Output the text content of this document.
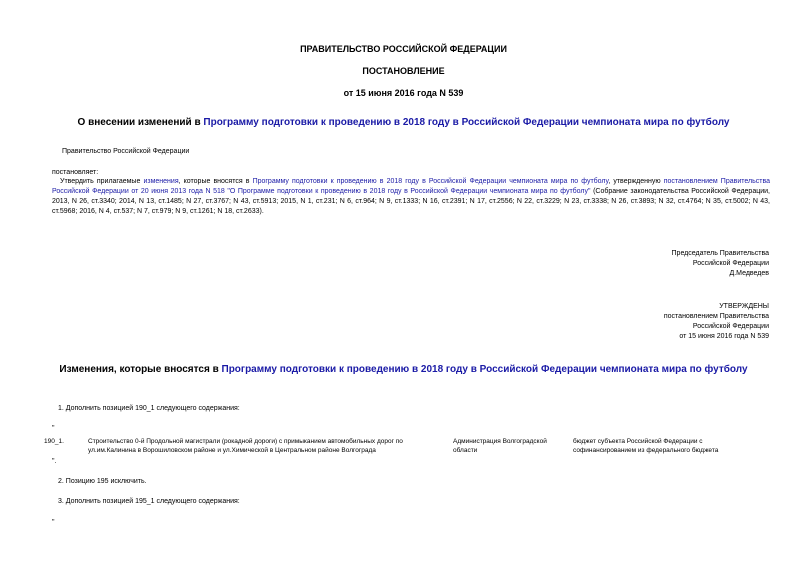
ПРАВИТЕЛЬСТВО РОССИЙСКОЙ ФЕДЕРАЦИИ
ПОСТАНОВЛЕНИЕ
от 15 июня 2016 года N 539
О внесении изменений в Программу подготовки к проведению в 2018 году в Российской Федерации чемпионата мира по футболу
Правительство Российской Федерации
постановляет:
Утвердить прилагаемые изменения, которые вносятся в Программу подготовки к проведению в 2018 году в Российской Федерации чемпионата мира по футболу, утвержденную постановлением Правительства Российской Федерации от 20 июня 2013 года N 518 "О Программе подготовки к проведению в 2018 году в Российской Федерации чемпионата мира по футболу" (Собрание законодательства Российской Федерации, 2013, N 26, ст.3340; 2014, N 13, ст.1485; N 27, ст.3767; N 43, ст.5913; 2015, N 1, ст.231; N 6, ст.964; N 9, ст.1333; N 16, ст.2391; N 17, ст.2556; N 22, ст.3229; N 23, ст.3338; N 26, ст.3893; N 32, ст.4764; N 35, ст.5002; N 43, ст.5968; 2016, N 4, ст.537; N 7, ст.979; N 9, ст.1261; N 18, ст.2633).
Председатель Правительства
Российской Федерации
Д.Медведев
УТВЕРЖДЕНЫ
постановлением Правительства
Российской Федерации
от 15 июня 2016 года N 539
Изменения, которые вносятся в Программу подготовки к проведению в 2018 году в Российской Федерации чемпионата мира по футболу
1. Дополнить позицией 190_1 следующего содержания:
"
190_1.	Строительство 0-й Продольной магистрали (рокадной дороги) с примыканием автомобильных дорог по ул.им.Калинина в Ворошиловском районе и ул.Химической в Центральном районе Волгограда
Администрация Волгоградской области
бюджет субъекта Российской Федерации с софинансированием из федерального бюджета
".
2. Позицию 195 исключить.
3. Дополнить позицией 195_1 следующего содержания:
"
